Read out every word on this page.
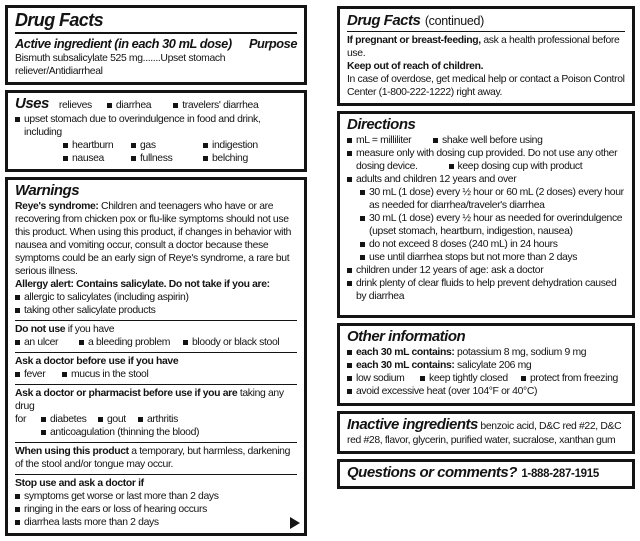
Drug Facts
Active ingredient (in each 30 mL dose) Purpose
Bismuth subsalicylate 525 mg.......Upset stomach reliever/Antidiarrheal
Uses relieves	diarrhea	travelers' diarrhea
upset stomach due to overindulgence in food and drink, including
heartburn	gas	indigestion
nausea	fullness	belching
Warnings
Reye's syndrome: Children and teenagers who have or are recovering from chicken pox or flu-like symptoms should not use this product. When using this product, if changes in behavior with nausea and vomiting occur, consult a doctor because these symptoms could be an early sign of Reye's syndrome, a rare but serious illness.
Allergy alert: Contains salicylate. Do not take if you are:
allergic to salicylates (including aspirin)
taking other salicylate products
Do not use if you have
an ulcer	a bleeding problem	bloody or black stool
Ask a doctor before use if you have
fever	mucus in the stool
Ask a doctor or pharmacist before use if you are taking any drug
for	diabetes	gout	arthritis
anticoagulation (thinning the blood)
When using this product a temporary, but harmless, darkening of the stool and/or tongue may occur.
Stop use and ask a doctor if
symptoms get worse or last more than 2 days
ringing in the ears or loss of hearing occurs
diarrhea lasts more than 2 days
Drug Facts (continued)
If pregnant or breast-feeding, ask a health professional before use.
Keep out of reach of children.
In case of overdose, get medical help or contact a Poison Control Center (1-800-222-1222) right away.
Directions
mL = milliliter	shake well before using
measure only with dosing cup provided. Do not use any other dosing device.	keep dosing cup with product
adults and children 12 years and over
30 mL (1 dose) every ½ hour or 60 mL (2 doses) every hour as needed for diarrhea/traveler's diarrhea
30 mL (1 dose) every ½ hour as needed for overindulgence (upset stomach, heartburn, indigestion, nausea)
do not exceed 8 doses (240 mL) in 24 hours
use until diarrhea stops but not more than 2 days
children under 12 years of age: ask a doctor
drink plenty of clear fluids to help prevent dehydration caused by diarrhea
Other information
each 30 mL contains: potassium 8 mg, sodium 9 mg
each 30 mL contains: salicylate 206 mg
low sodium	keep tightly closed	protect from freezing
avoid excessive heat (over 104°F or 40°C)
Inactive ingredients benzoic acid, D&C red #22, D&C red #28, flavor, glycerin, purified water, sucralose, xanthan gum
Questions or comments? 1-888-287-1915
